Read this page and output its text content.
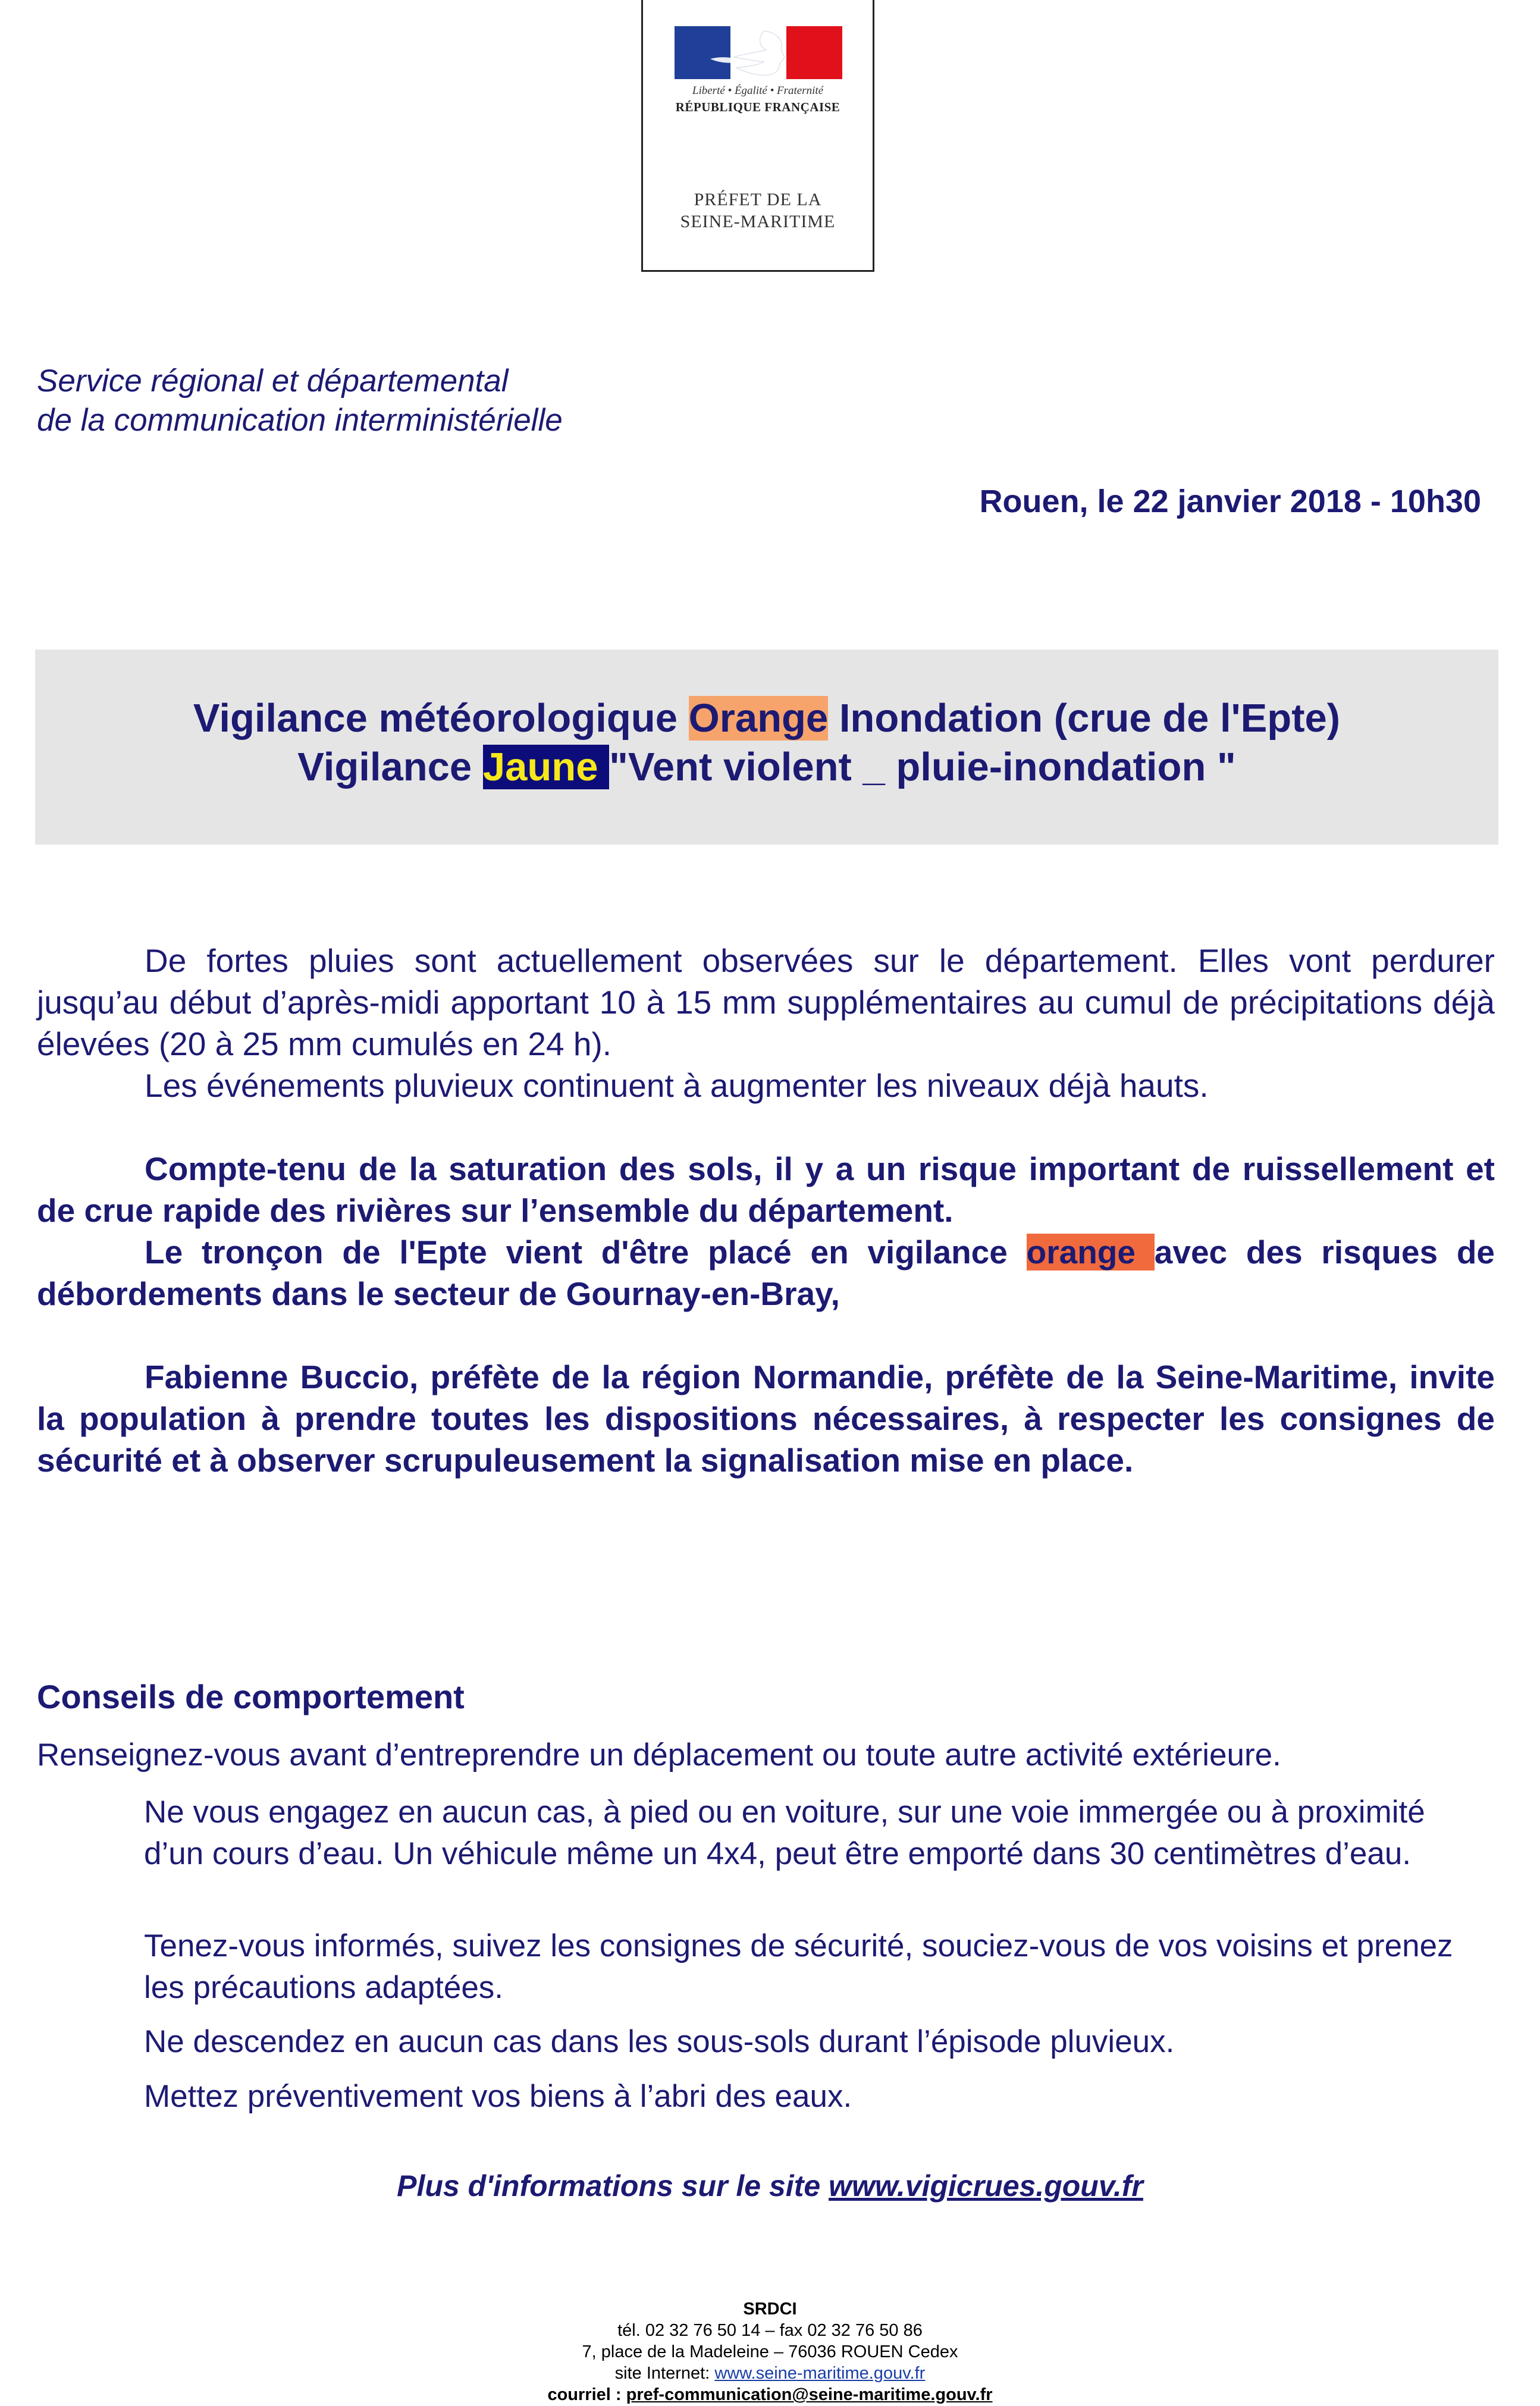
Liberté • Égalité • Fraternité
RÉPUBLIQUE FRANÇAISE
PRÉFET DE LA
SEINE-MARITIME
Service régional et départemental
de la communication interministérielle
Rouen, le 22 janvier 2018 - 10h30
Vigilance météorologique Orange Inondation (crue de l'Epte)
Vigilance Jaune "Vent violent _ pluie-inondation "
De fortes pluies sont actuellement observées sur le département. Elles vont perdurer jusqu’au début d’après-midi apportant 10 à 15 mm supplémentaires au cumul de précipitations déjà élevées (20 à 25 mm cumulés en 24 h).
Les événements pluvieux continuent à augmenter les niveaux déjà hauts.
Compte-tenu de la saturation des sols, il y a un risque important de ruissellement et de crue rapide des rivières sur l’ensemble du département.
Le tronçon de l'Epte vient d'être placé en vigilance orange avec des risques de débordements dans le secteur de Gournay-en-Bray,
Fabienne Buccio, préfète de la région Normandie, préfète de la Seine-Maritime, invite la population à prendre toutes les dispositions nécessaires, à respecter les consignes de sécurité et à observer scrupuleusement la signalisation mise en place.
Conseils de comportement
Renseignez-vous avant d’entreprendre un déplacement ou toute autre activité extérieure.
Ne vous engagez en aucun cas, à pied ou en voiture, sur une voie immergée ou à proximité d’un cours d’eau. Un véhicule même un 4x4, peut être emporté dans 30 centimètres d’eau.
Tenez-vous informés, suivez les consignes de sécurité, souciez-vous de vos voisins et prenez les précautions adaptées.
Ne descendez en aucun cas dans les sous-sols durant l’épisode pluvieux.
Mettez préventivement vos biens à l’abri des eaux.
Plus d'informations sur le site www.vigicrues.gouv.fr
SRDCI
tél. 02 32 76 50 14 – fax 02 32 76 50 86
7, place de la Madeleine – 76036 ROUEN Cedex
site Internet: www.seine-maritime.gouv.fr
courriel : pref-communication@seine-maritime.gouv.fr
